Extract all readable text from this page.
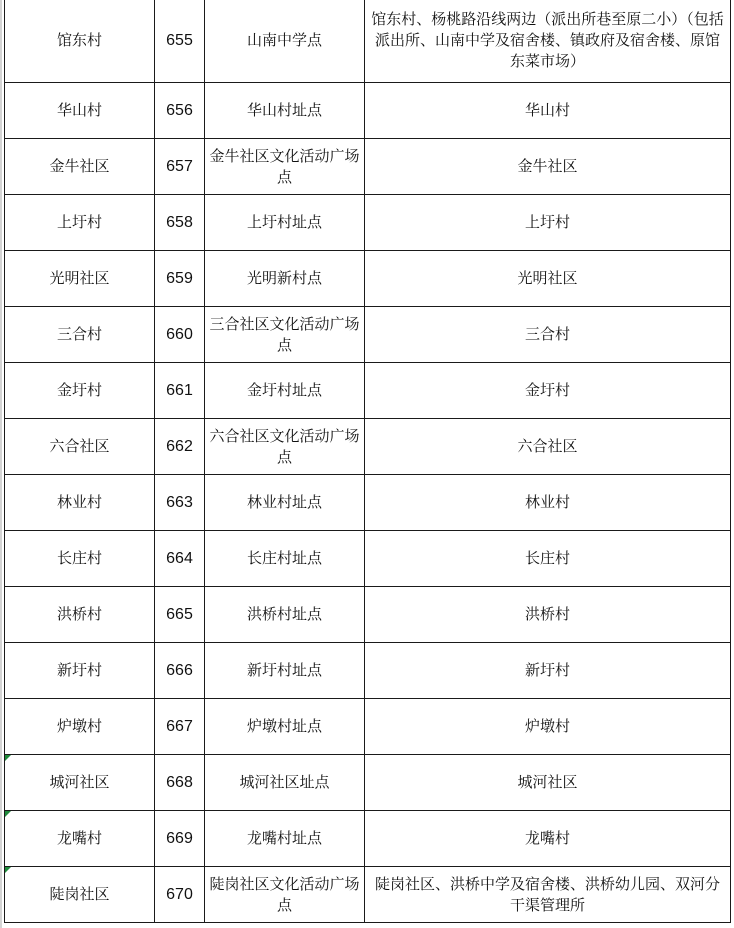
馆东村	655	山南中学点	馆东村、杨桃路沿线两边（派出所巷至原二小）（包括派出所、山南中学及宿舍楼、镇政府及宿舍楼、原馆东菜市场）
华山村	656	华山村址点	华山村
金牛社区	657	金牛社区文化活动广场点	金牛社区
上圩村	658	上圩村址点	上圩村
光明社区	659	光明新村点	光明社区
三合村	660	三合社区文化活动广场点	三合村
金圩村	661	金圩村址点	金圩村
六合社区	662	六合社区文化活动广场点	六合社区
林业村	663	林业村址点	林业村
长庄村	664	长庄村址点	长庄村
洪桥村	665	洪桥村址点	洪桥村
新圩村	666	新圩村址点	新圩村
炉墩村	667	炉墩村址点	炉墩村
城河社区	668	城河社区址点	城河社区
龙嘴村	669	龙嘴村址点	龙嘴村
陡岗社区	670	陡岗社区文化活动广场点	陡岗社区、洪桥中学及宿舍楼、洪桥幼儿园、双河分干渠管理所
